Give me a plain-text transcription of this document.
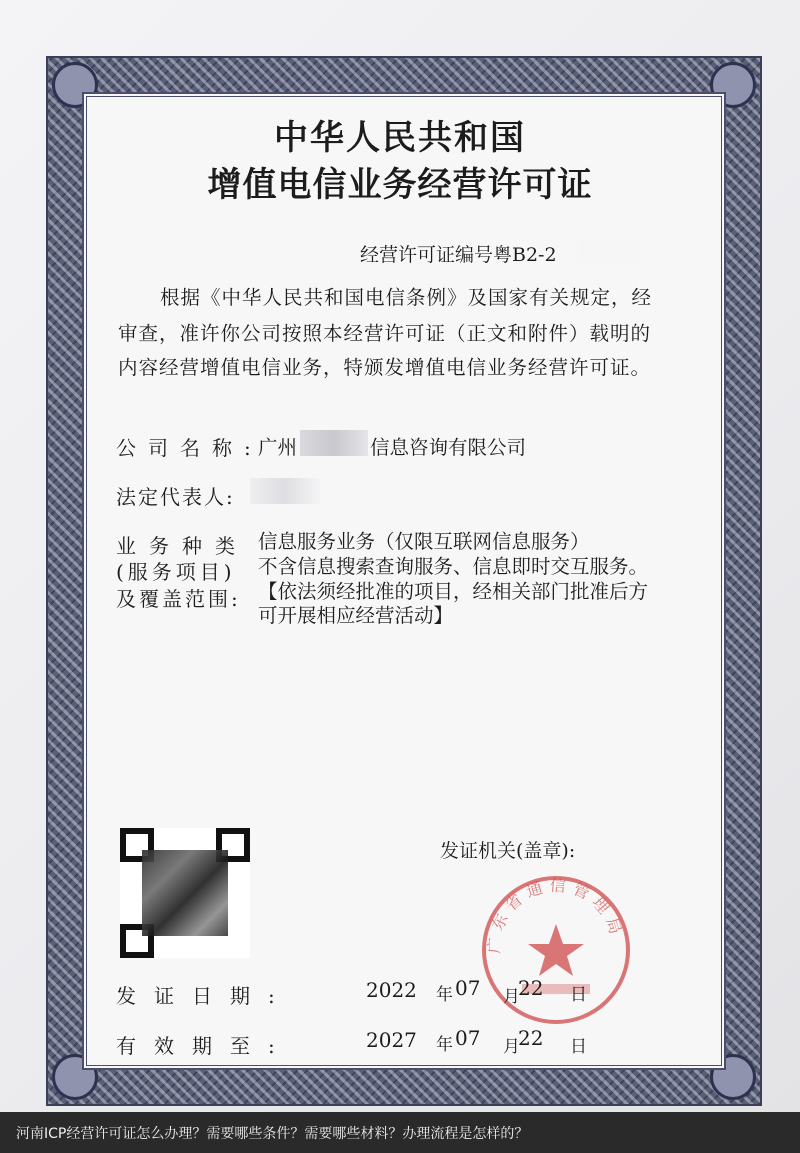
中华人民共和国
增值电信业务经营许可证
经营许可证编号粤B2-2
根据《中华人民共和国电信条例》及国家有关规定，经
审查，准许你公司按照本经营许可证（正文和附件）载明的
内容经营增值电信业务，特颁发增值电信业务经营许可证。
公司名称:
广州	信息咨询有限公司
法定代表人:
业务种类
(服务项目)
及覆盖范围:
信息服务业务（仅限互联网信息服务）
不含信息搜索查询服务、信息即时交互服务。
【依法须经批准的项目，经相关部门批准后方
可开展相应经营活动】
发证机关(盖章):
广东省通信管理局
发证日期:	2022 年 07 月
22 日
有效期至:	2027 年 07 月
22 日
河南ICP经营许可证怎么办理？需要哪些条件？需要哪些材料？办理流程是怎样的？
